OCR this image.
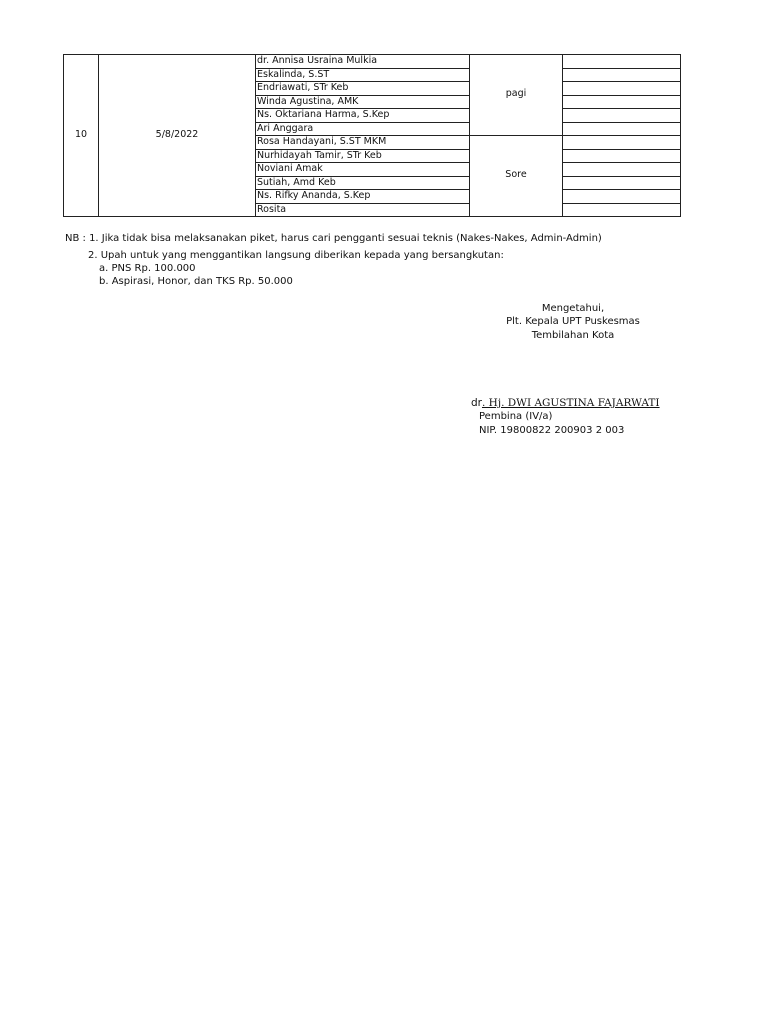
10	5/8/2022
dr. Annisa Usraina Mulkia
Eskalinda, S.ST
Endriawati, STr Keb
Winda Agustina, AMK
Ns. Oktariana Harma, S.Kep
Ari Anggara
Rosa Handayani, S.ST MKM
Nurhidayah Tamir, STr Keb
Noviani Amak
Sutiah, Amd Keb
Ns. Rifky Ananda, S.Kep
Rosita
pagi
Sore
NB : 1. Jika tidak bisa melaksanakan piket, harus cari pengganti sesuai teknis (Nakes-Nakes, Admin-Admin)
2. Upah untuk yang menggantikan langsung diberikan kepada yang bersangkutan:
a. PNS Rp. 100.000
b. Aspirasi, Honor, dan TKS Rp. 50.000
Mengetahui,
Plt. Kepala UPT Puskesmas
Tembilahan Kota
dr. Hj. DWI AGUSTINA FAJARWATI
Pembina (IV/a)
NIP. 19800822 200903 2 003
